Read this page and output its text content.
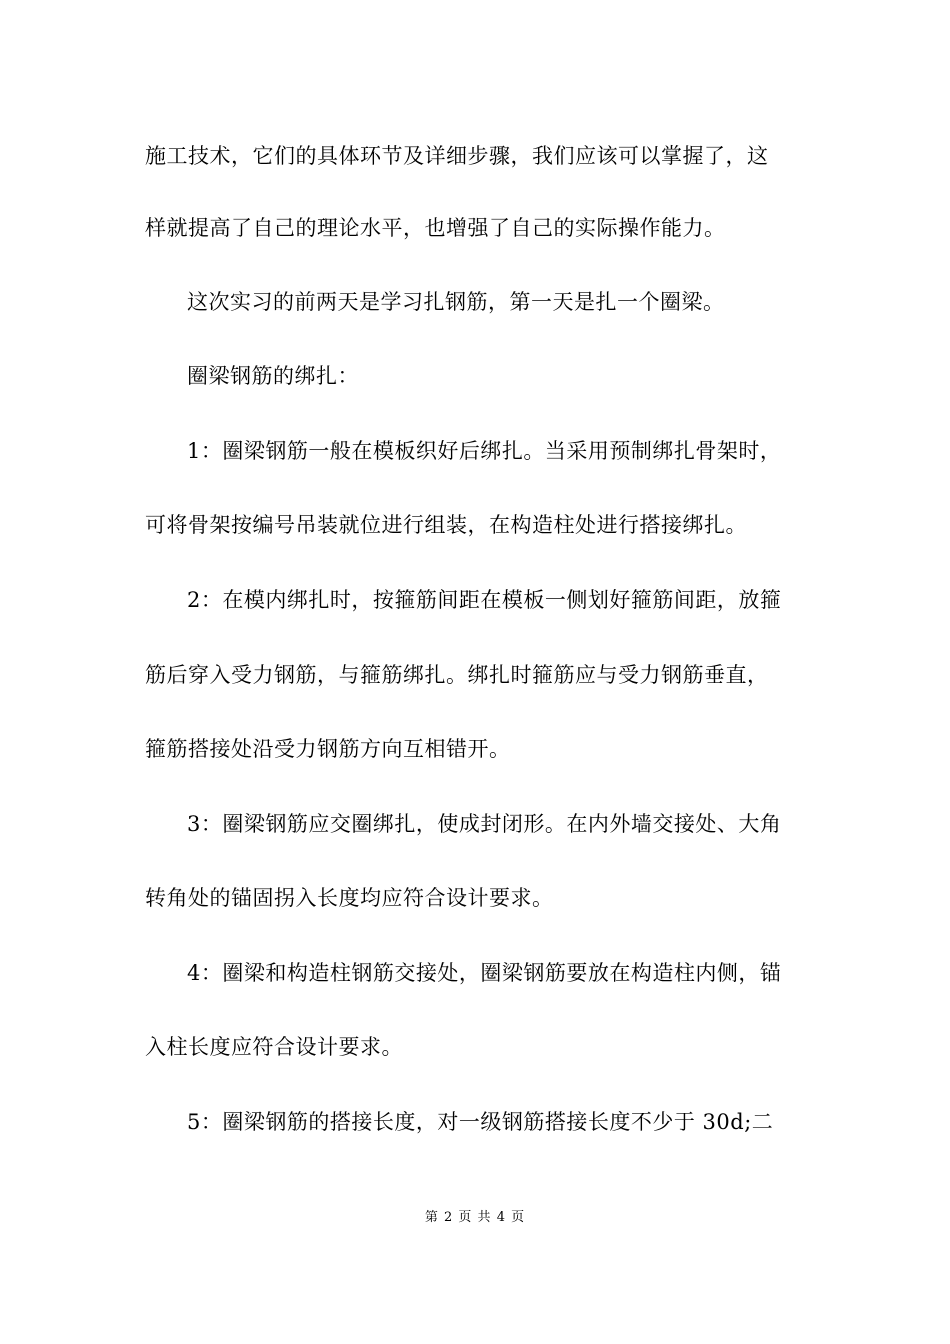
施工技术，它们的具体环节及详细步骤，我们应该可以掌握了，这
样就提高了自己的理论水平，也增强了自己的实际操作能力。
这次实习的前两天是学习扎钢筋，第一天是扎一个圈梁。
圈梁钢筋的绑扎：
1：圈梁钢筋一般在模板织好后绑扎。当采用预制绑扎骨架时，
可将骨架按编号吊装就位进行组装，在构造柱处进行搭接绑扎。
2：在模内绑扎时，按箍筋间距在模板一侧划好箍筋间距，放箍
筋后穿入受力钢筋，与箍筋绑扎。绑扎时箍筋应与受力钢筋垂直，
箍筋搭接处沿受力钢筋方向互相错开。
3：圈梁钢筋应交圈绑扎，使成封闭形。在内外墙交接处、大角
转角处的锚固拐入长度均应符合设计要求。
4：圈梁和构造柱钢筋交接处，圈梁钢筋要放在构造柱内侧，锚
入柱长度应符合设计要求。
5：圈梁钢筋的搭接长度，对一级钢筋搭接长度不少于 30d;二
第 2 页 共 4 页
